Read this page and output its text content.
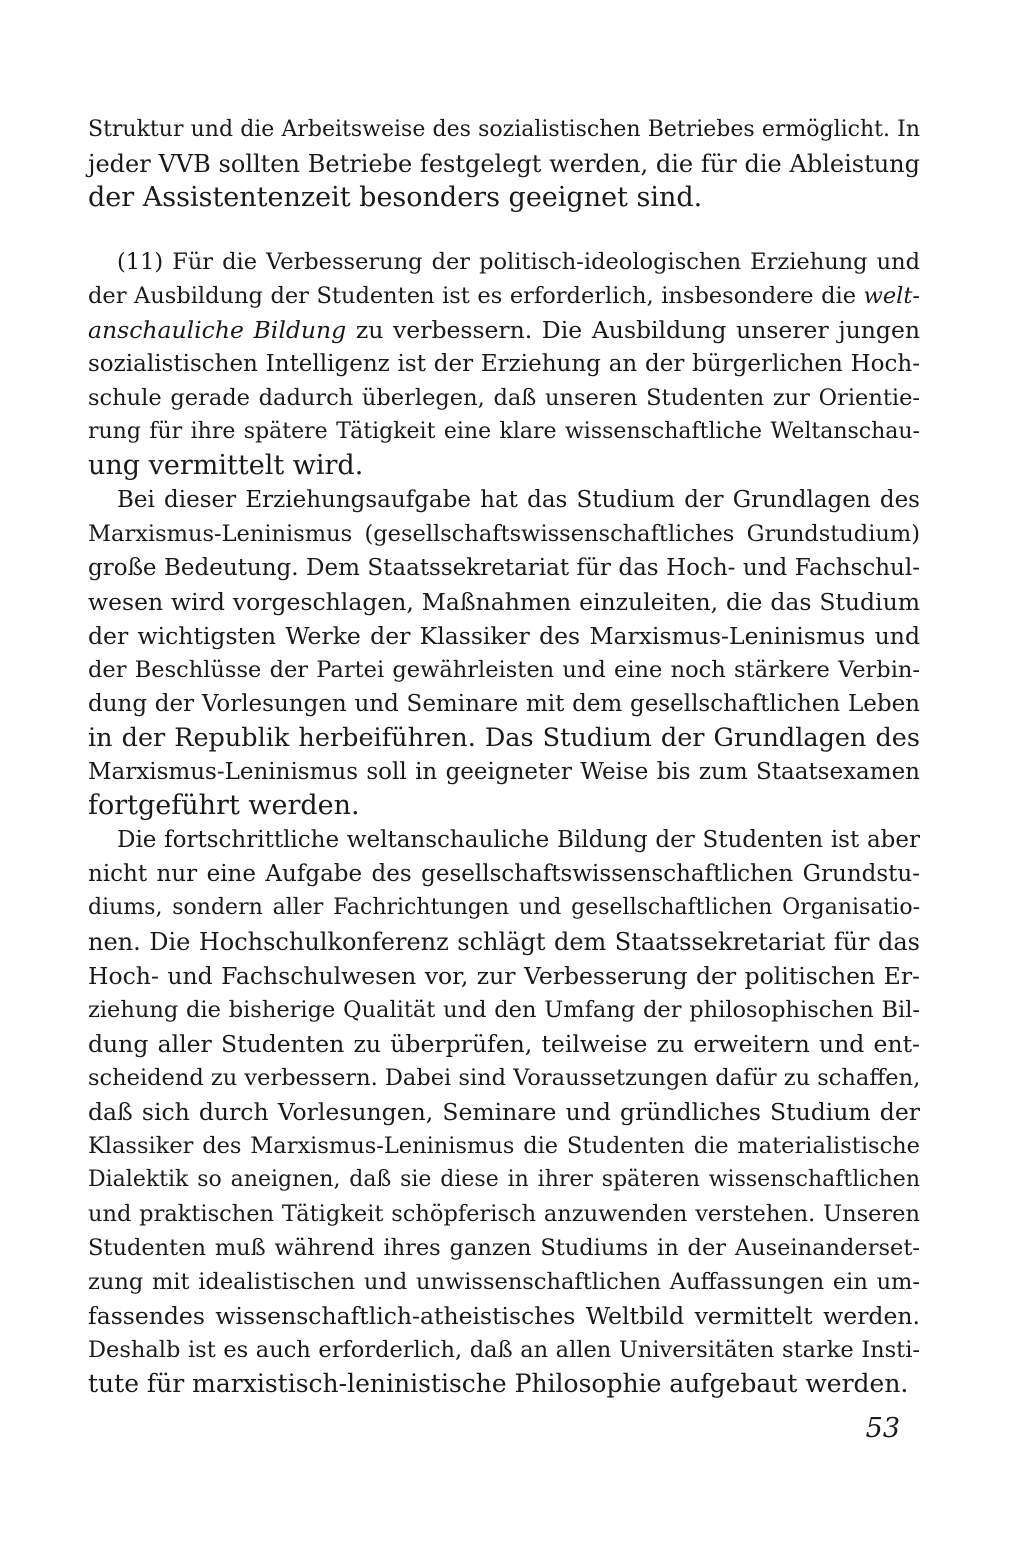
Struktur und die Arbeitsweise des sozialistischen Betriebes ermöglicht. In
jeder VVB sollten Betriebe festgelegt werden, die für die Ableistung
der Assistentenzeit besonders geeignet sind.
(11) Für die Verbesserung der politisch-ideologischen Erziehung und
der Ausbildung der Studenten ist es erforderlich, insbesondere die welt-
anschauliche Bildung zu verbessern. Die Ausbildung unserer jungen
sozialistischen Intelligenz ist der Erziehung an der bürgerlichen Hoch-
schule gerade dadurch überlegen, daß unseren Studenten zur Orientie-
rung für ihre spätere Tätigkeit eine klare wissenschaftliche Weltanschau-
ung vermittelt wird.
Bei dieser Erziehungsaufgabe hat das Studium der Grundlagen des
Marxismus-Leninismus (gesellschaftswissenschaftliches Grundstudium)
große Bedeutung. Dem Staatssekretariat für das Hoch- und Fachschul-
wesen wird vorgeschlagen, Maßnahmen einzuleiten, die das Studium
der wichtigsten Werke der Klassiker des Marxismus-Leninismus und
der Beschlüsse der Partei gewährleisten und eine noch stärkere Verbin-
dung der Vorlesungen und Seminare mit dem gesellschaftlichen Leben
in der Republik herbeiführen. Das Studium der Grundlagen des
Marxismus-Leninismus soll in geeigneter Weise bis zum Staatsexamen
fortgeführt werden.
Die fortschrittliche weltanschauliche Bildung der Studenten ist aber
nicht nur eine Aufgabe des gesellschaftswissenschaftlichen Grundstu-
diums, sondern aller Fachrichtungen und gesellschaftlichen Organisatio-
nen. Die Hochschulkonferenz schlägt dem Staatssekretariat für das
Hoch- und Fachschulwesen vor, zur Verbesserung der politischen Er-
ziehung die bisherige Qualität und den Umfang der philosophischen Bil-
dung aller Studenten zu überprüfen, teilweise zu erweitern und ent-
scheidend zu verbessern. Dabei sind Voraussetzungen dafür zu schaffen,
daß sich durch Vorlesungen, Seminare und gründliches Studium der
Klassiker des Marxismus-Leninismus die Studenten die materialistische
Dialektik so aneignen, daß sie diese in ihrer späteren wissenschaftlichen
und praktischen Tätigkeit schöpferisch anzuwenden verstehen. Unseren
Studenten muß während ihres ganzen Studiums in der Auseinanderset-
zung mit idealistischen und unwissenschaftlichen Auffassungen ein um-
fassendes wissenschaftlich-atheistisches Weltbild vermittelt werden.
Deshalb ist es auch erforderlich, daß an allen Universitäten starke Insti-
tute für marxistisch-leninistische Philosophie aufgebaut werden.
53
